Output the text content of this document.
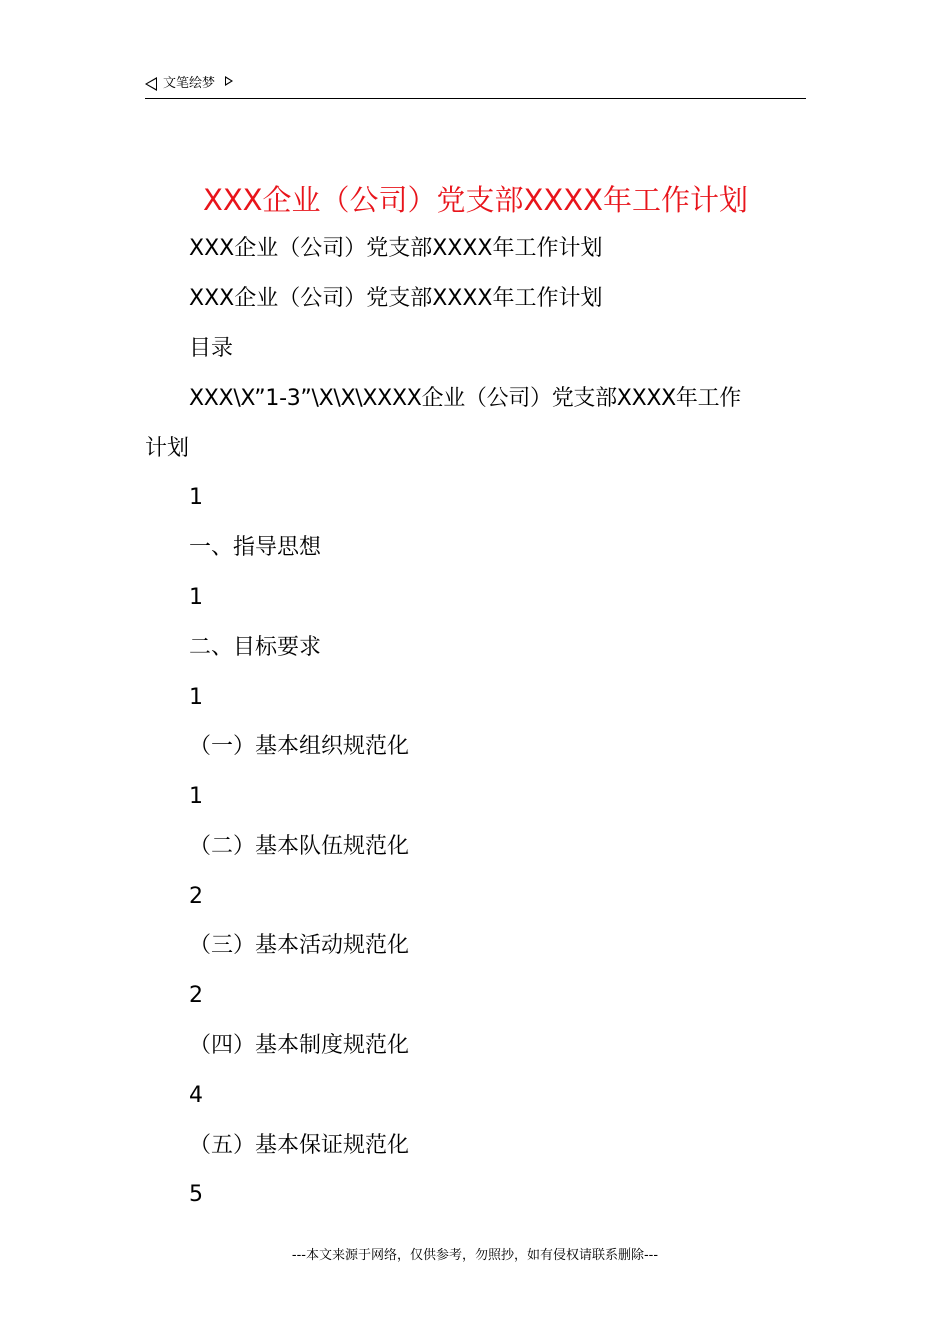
文笔绘梦
XXX企业（公司）党支部XXXX年工作计划
XXX企业（公司）党支部XXXX年工作计划
XXX企业（公司）党支部XXXX年工作计划
目录
XXX\X”1-3”\X\X\XXXX企业（公司）党支部XXXX年工作
计划
1
一、指导思想
1
二、目标要求
1
（一）基本组织规范化
1
（二）基本队伍规范化
2
（三）基本活动规范化
2
（四）基本制度规范化
4
（五）基本保证规范化
5
---本文来源于网络，仅供参考，勿照抄，如有侵权请联系删除---
